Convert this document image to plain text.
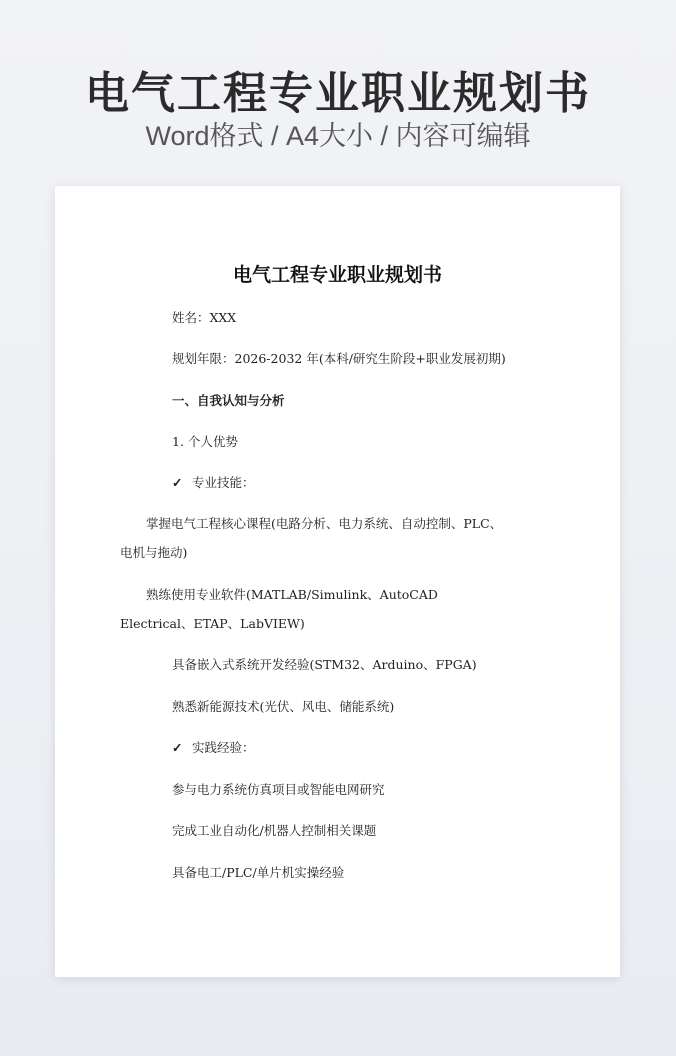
电气工程专业职业规划书
Word格式 / A4大小 / 内容可编辑
电气工程专业职业规划书
姓名：XXX
规划年限：2026-2032 年(本科/研究生阶段+职业发展初期)
一、自我认知与分析
1. 个人优势
✓ 专业技能：
掌握电气工程核心课程(电路分析、电力系统、自动控制、PLC、电机与拖动)
熟练使用专业软件(MATLAB/Simulink、AutoCAD Electrical、ETAP、LabVIEW)
具备嵌入式系统开发经验(STM32、Arduino、FPGA)
熟悉新能源技术(光伏、风电、储能系统)
✓ 实践经验：
参与电力系统仿真项目或智能电网研究
完成工业自动化/机器人控制相关课题
具备电工/PLC/单片机实操经验
